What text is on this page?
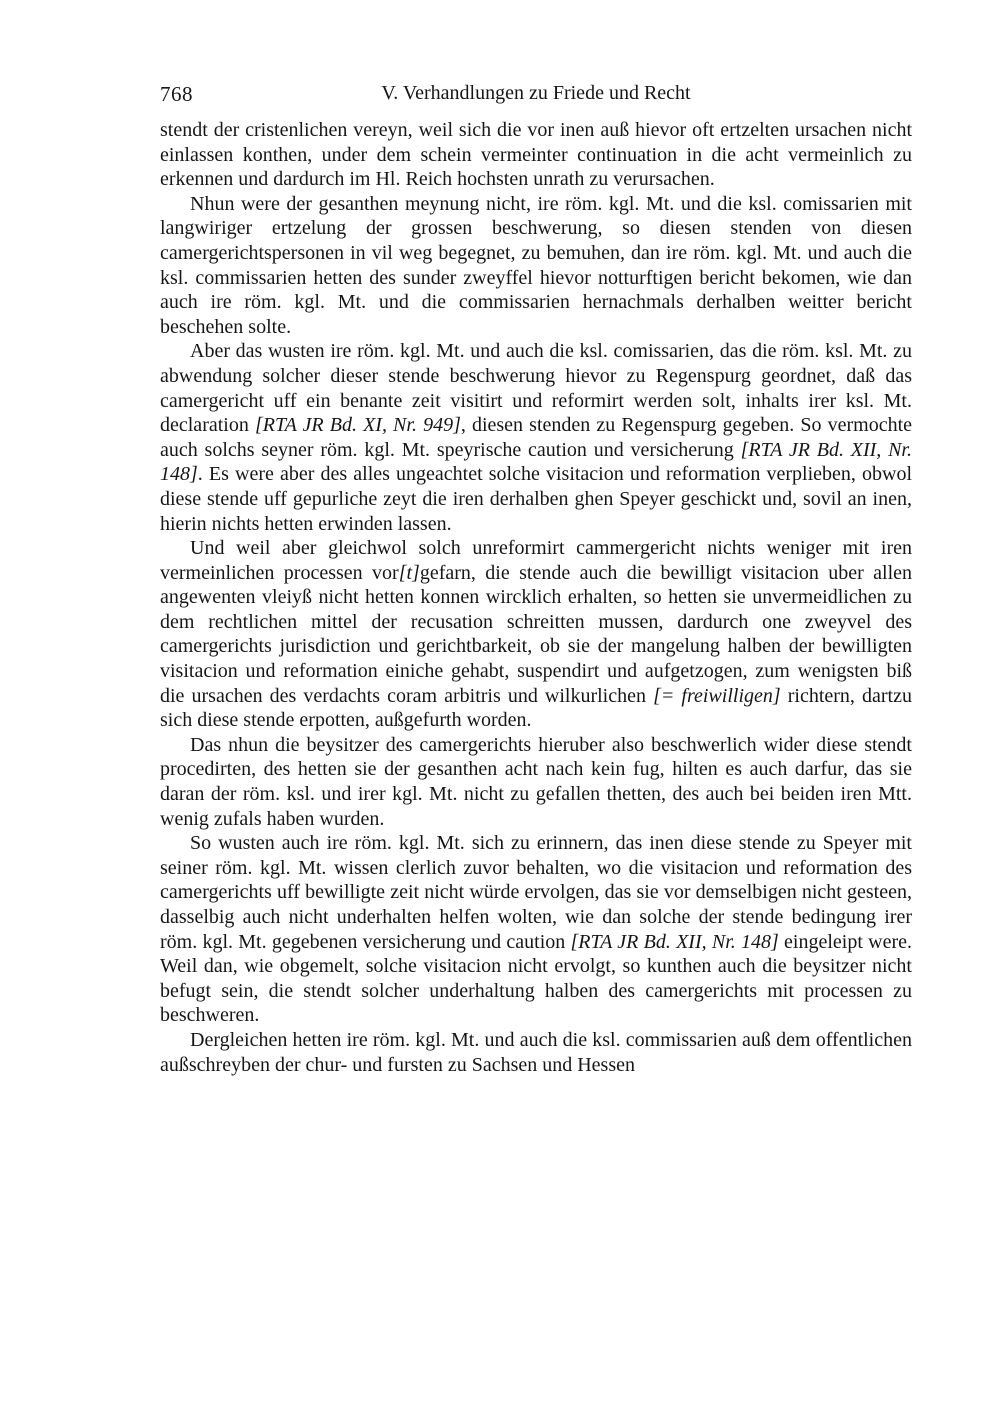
768	V. Verhandlungen zu Friede und Recht

stendt der cristenlichen vereyn, weil sich die vor inen auß hievor oft ertzelten ursachen nicht einlassen konthen, under dem schein vermeinter continuation in die acht vermeinlich zu erkennen und dardurch im Hl. Reich hochsten unrath zu verursachen.

Nhun were der gesanthen meynung nicht, ire röm. kgl. Mt. und die ksl. comissarien mit langwiriger ertzelung der grossen beschwerung, so diesen stenden von diesen camergerichtspersonen in vil weg begegnet, zu bemuhen, dan ire röm. kgl. Mt. und auch die ksl. commissarien hetten des sunder zweyffel hievor notturftigen bericht bekomen, wie dan auch ire röm. kgl. Mt. und die commissarien hernachmals derhalben weitter bericht beschehen solte.

Aber das wusten ire röm. kgl. Mt. und auch die ksl. comissarien, das die röm. ksl. Mt. zu abwendung solcher dieser stende beschwerung hievor zu Regenspurg geordnet, daß das camergericht uff ein benante zeit visitirt und reformirt werden solt, inhalts irer ksl. Mt. declaration [RTA JR Bd. XI, Nr. 949], diesen stenden zu Regenspurg gegeben. So vermochte auch solchs seyner röm. kgl. Mt. speyrische caution und versicherung [RTA JR Bd. XII, Nr. 148]. Es were aber des alles ungeachtet solche visitacion und reformation verplieben, obwol diese stende uff gepurliche zeyt die iren derhalben ghen Speyer geschickt und, sovil an inen, hierin nichts hetten erwinden lassen.

Und weil aber gleichwol solch unreformirt cammergericht nichts weniger mit iren vermeinlichen processen vor[t]gefarn, die stende auch die bewilligt visitacion uber allen angewenten vleiyß nicht hetten konnen wircklich erhalten, so hetten sie unvermeidlichen zu dem rechtlichen mittel der recusation schreitten mussen, dardurch one zweyvel des camergerichts jurisdiction und gerichtbarkeit, ob sie der mangelung halben der bewilligten visitacion und reformation einiche gehabt, suspendirt und aufgetzogen, zum wenigsten biß die ursachen des verdachts coram arbitris und wilkurlichen [= freiwilligen] richtern, dartzu sich diese stende erpotten, außgefurth worden.

Das nhun die beysitzer des camergerichts hieruber also beschwerlich wider diese stendt procedirten, des hetten sie der gesanthen acht nach kein fug, hilten es auch darfur, das sie daran der röm. ksl. und irer kgl. Mt. nicht zu gefallen thetten, des auch bei beiden iren Mtt. wenig zufals haben wurden.

So wusten auch ire röm. kgl. Mt. sich zu erinnern, das inen diese stende zu Speyer mit seiner röm. kgl. Mt. wissen clerlich zuvor behalten, wo die visitacion und reformation des camergerichts uff bewilligte zeit nicht würde ervolgen, das sie vor demselbigen nicht gesteen, dasselbig auch nicht underhalten helfen wolten, wie dan solche der stende bedingung irer röm. kgl. Mt. gegebenen versicherung und caution [RTA JR Bd. XII, Nr. 148] eingeleipt were. Weil dan, wie obgemelt, solche visitacion nicht ervolgt, so kunthen auch die beysitzer nicht befugt sein, die stendt solcher underhaltung halben des camergerichts mit processen zu beschweren.

Dergleichen hetten ire röm. kgl. Mt. und auch die ksl. commissarien auß dem offentlichen außschreyben der chur- und fursten zu Sachsen und Hessen
